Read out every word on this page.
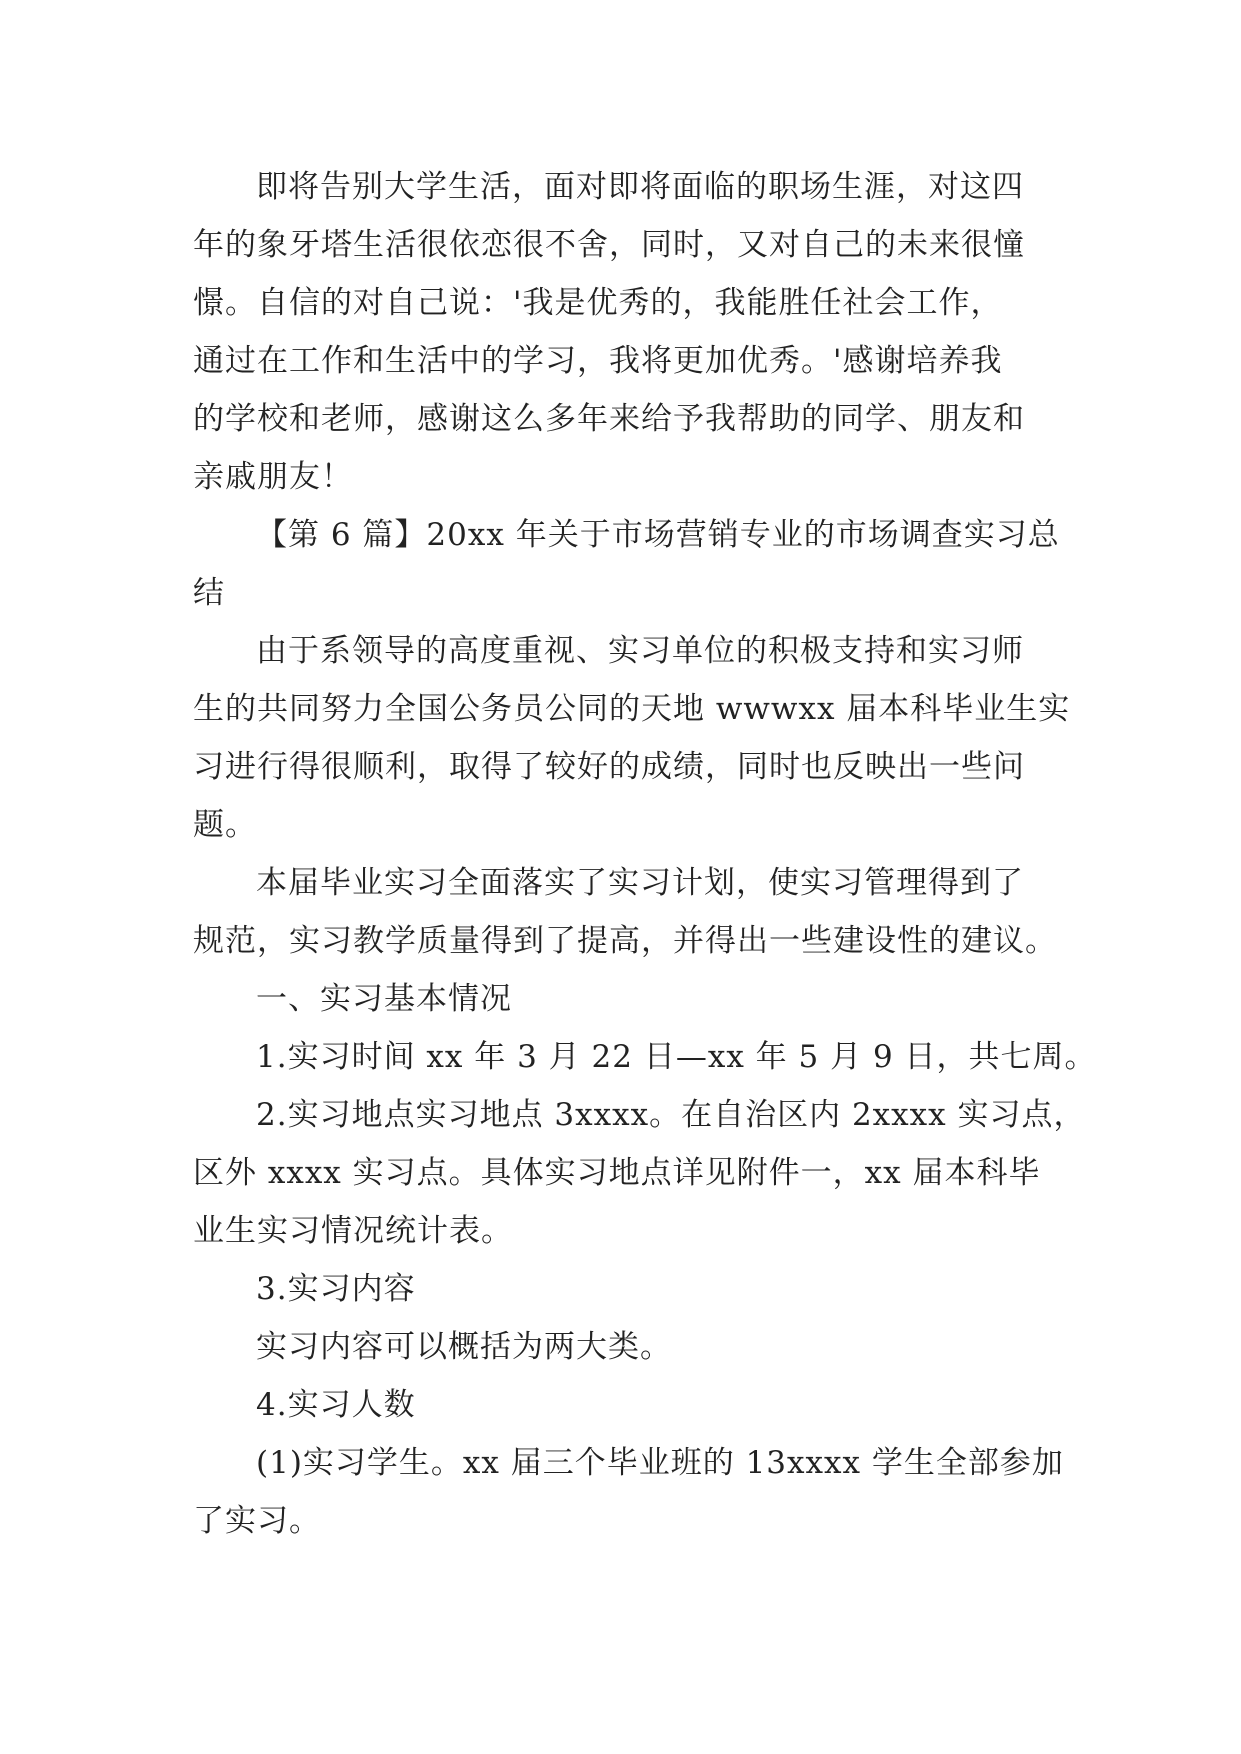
即将告别大学生活，面对即将面临的职场生涯，对这四
年的象牙塔生活很依恋很不舍，同时，又对自己的未来很憧
憬。自信的对自己说：'我是优秀的，我能胜任社会工作，
通过在工作和生活中的学习，我将更加优秀。'感谢培养我
的学校和老师，感谢这么多年来给予我帮助的同学、朋友和
亲戚朋友！
【第 6 篇】20xx 年关于市场营销专业的市场调查实习总
结
由于系领导的高度重视、实习单位的积极支持和实习师
生的共同努力全国公务员公同的天地 wwwxx 届本科毕业生实
习进行得很顺利，取得了较好的成绩，同时也反映出一些问
题。
本届毕业实习全面落实了实习计划，使实习管理得到了
规范，实习教学质量得到了提高，并得出一些建设性的建议。
一、实习基本情况
1.实习时间 xx 年 3 月 22 日—xx 年 5 月 9 日，共七周。
2.实习地点实习地点 3xxxx。在自治区内 2xxxx 实习点，
区外 xxxx 实习点。具体实习地点详见附件一，xx 届本科毕
业生实习情况统计表。
3.实习内容
实习内容可以概括为两大类。
4.实习人数
(1)实习学生。xx 届三个毕业班的 13xxxx 学生全部参加
了实习。
